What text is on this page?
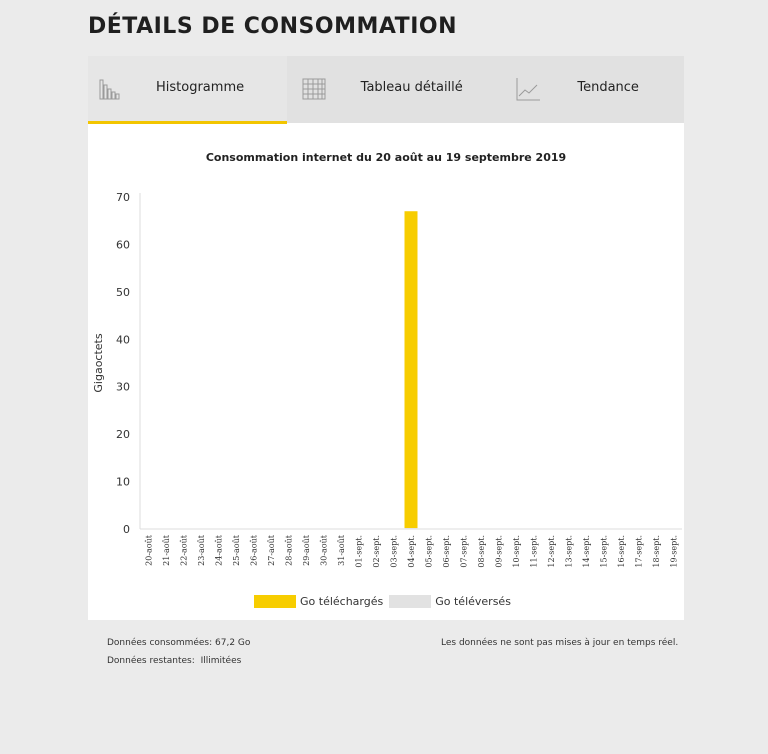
DÉTAILS DE CONSOMMATION
Histogramme	Tableau détaillé	Tendance
Consommation internet du 20 août au 19 septembre 2019
0
10
20
30
40
50
60
70
Gigaoctets
20-août 21-août 22-août 23-août 24-août 25-août 26-août 27-août 28-août 29-août 30-août 31-août 01-sept. 02-sept. 03-sept. 04-sept. 05-sept. 06-sept. 07-sept. 08-sept. 09-sept. 10-sept. 11-sept. 12-sept. 13-sept. 14-sept. 15-sept. 16-sept. 17-sept. 18-sept. 19-sept.
Go téléchargés	Go téléversés
Données consommées: 67,2 Go
Données restantes: Illimitées
Les données ne sont pas mises à jour en temps réel.
